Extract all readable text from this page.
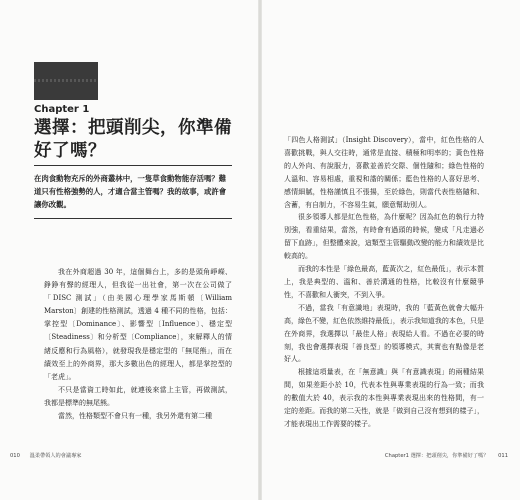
Chapter 1
選擇：把頭削尖，你準備好了嗎？
在肉食動物充斥的外商叢林中，一隻草食動物能存活嗎？難道只有性格強勢的人，才適合當主管嗎？我的故事，或許會讓你改觀。

我在外商超過 30 年，這個舞台上，多的是頭角崢嶸、錚錚有聲的經理人，但我從一出社會，第一次在公司做了「DISC 測試」（由美國心理學家馬斯頓〔William Marston〕創建的性格測試，透過 4 種不同的性格，包括：掌控型〔Dominance〕、影響型〔Influence〕、穩定型〔Steadiness〕和分析型〔Compliance〕，來解釋人的情緒反應和行為風格），就發現我是穩定型的「無尾熊」，而在績效至上的外商界，那大多數出色的經理人，都是掌控型的「老虎」。

不只是當資工時如此，就連後來當上主管，再做測試，我都是標準的無尾熊。

當然，性格類型不會只有一種，我另外還有第二種

010 溫柔帶領人的會議專家

「四色人格測試」（Insight Discovery），當中，紅色性格的人喜歡挑戰，與人交往時，通常是直接、積極和明率的；黃色性格的人外向、有說服力，喜歡並善於交際、個性隨和；綠色性格的人溫和、容易相處，重視和諧的關係；藍色性格的人喜好思考、感情細膩，性格謹慎且不張揚，至於綠色，則當代表性格隨和、含蓄，有自制力，不容易生氣，願意幫助別人。

很多領導人都是紅色性格，為什麼呢？因為紅色的執行力特別強，看重結果，當然，有時會有過頭的時候，變成「凡走過必留下血跡」，但整體來說，這類型主管驅動改變的能力和績效是比較高的。

而我的本性是「綠色最高，藍黃次之，紅色最低」，表示本質上，我是典型的、溫和、善於溝通的性格，比較沒有什麼競爭性，不喜歡和人衝突，不到入爭。

不過，當我「有意識地」表現時，我的「藍黃色就會大幅升高，綠色不變，紅色依然維持最低」，表示我知道我的本色，只是在外商界，我選擇以「最佳人格」表現給人看。不過在必要的時刻，我也會選擇表現「善良型」的領導模式，其實也有點像是老好人。

根據這項量表，在「無意識」與「有意識表現」的兩種結果間，如果差距小於 10，代表本性與專業表現的行為一致；而我的數值大於 40，表示我的本性與專業表現出來的性格間，有一定的差距。而我的第二天性，就是「做到自己沒有想到的樣子」，才能表現出工作需要的樣子。

Chapter1 選擇：把頭削尖，你準備好了嗎？ 011
